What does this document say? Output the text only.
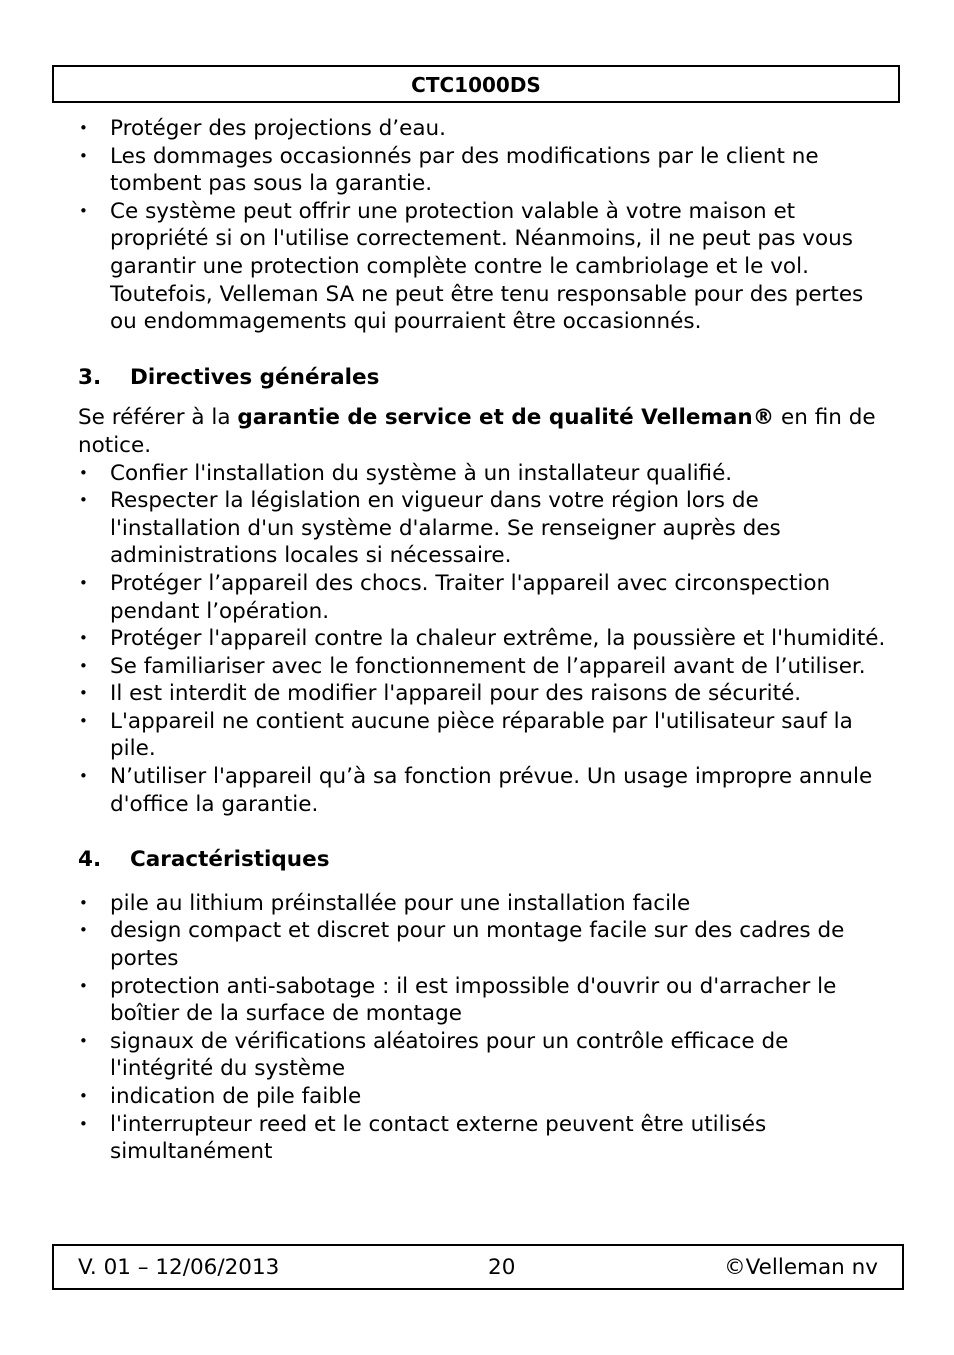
CTC1000DS
• Protéger des projections d’eau.
• Les dommages occasionnés par des modifications par le client ne tombent pas sous la garantie.
• Ce système peut offrir une protection valable à votre maison et propriété si on l'utilise correctement. Néanmoins, il ne peut pas vous garantir une protection complète contre le cambriolage et le vol. Toutefois, Velleman SA ne peut être tenu responsable pour des pertes ou endommagements qui pourraient être occasionnés.
3.	Directives générales

Se référer à la garantie de service et de qualité Velleman® en fin de notice.

• Confier l'installation du système à un installateur qualifié.
• Respecter la législation en vigueur dans votre région lors de l'installation d'un système d'alarme. Se renseigner auprès des administrations locales si nécessaire.
• Protéger l’appareil des chocs. Traiter l'appareil avec circonspection pendant l’opération.
• Protéger l'appareil contre la chaleur extrême, la poussière et l'humidité.
• Se familiariser avec le fonctionnement de l’appareil avant de l’utiliser.
• Il est interdit de modifier l'appareil pour des raisons de sécurité.
• L'appareil ne contient aucune pièce réparable par l'utilisateur sauf la pile.
• N’utiliser l'appareil qu’à sa fonction prévue. Un usage impropre annule d'office la garantie.
4.	Caractéristiques
• pile au lithium préinstallée pour une installation facile
• design compact et discret pour un montage facile sur des cadres de portes
• protection anti-sabotage : il est impossible d'ouvrir ou d'arracher le boîtier de la surface de montage
• signaux de vérifications aléatoires pour un contrôle efficace de l'intégrité du système
• indication de pile faible
• l'interrupteur reed et le contact externe peuvent être utilisés simultanément
V. 01 – 12/06/2013	20	©Velleman nv
